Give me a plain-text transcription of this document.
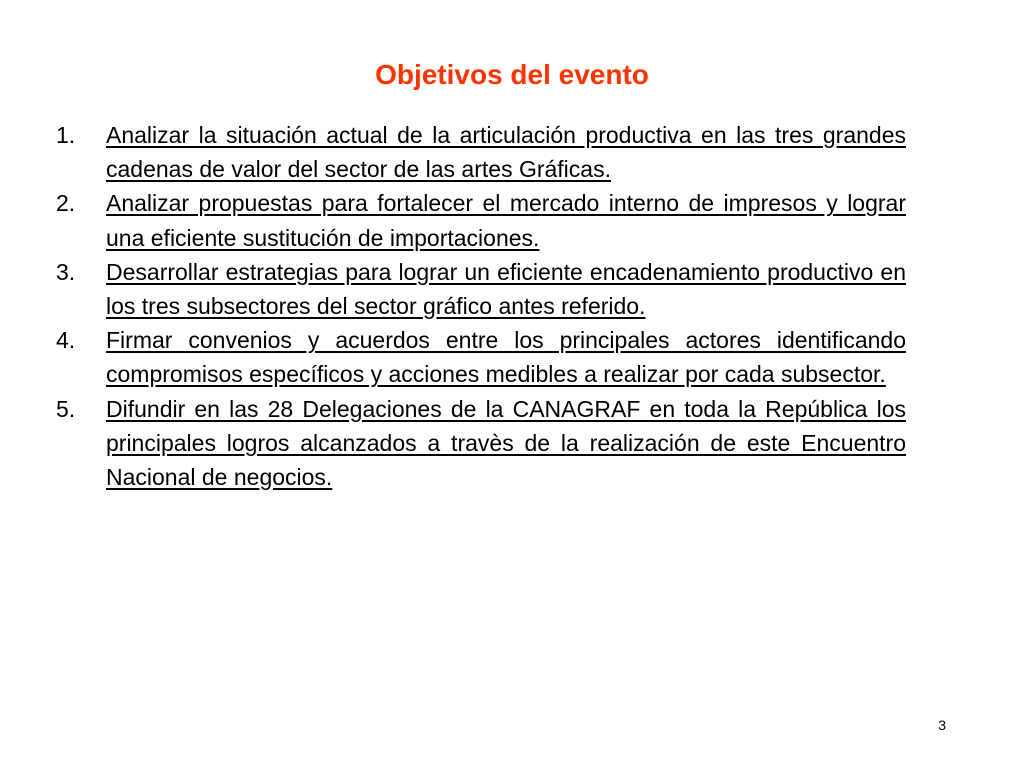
Objetivos del evento
1.	Analizar la situación actual de la articulación productiva en las tres grandes cadenas de valor del sector de las artes Gráficas.
2.	Analizar propuestas para fortalecer el mercado interno de impresos y lograr una eficiente sustitución de importaciones.
3.	Desarrollar estrategias para lograr un eficiente encadenamiento productivo en los tres subsectores del sector gráfico antes referido.
4.	Firmar convenios y acuerdos entre los principales actores identificando compromisos específicos y acciones medibles a realizar por cada subsector.
5.	Difundir en las 28 Delegaciones de la CANAGRAF en toda la República los principales logros alcanzados a travès de la realización de este Encuentro Nacional de negocios.
3
